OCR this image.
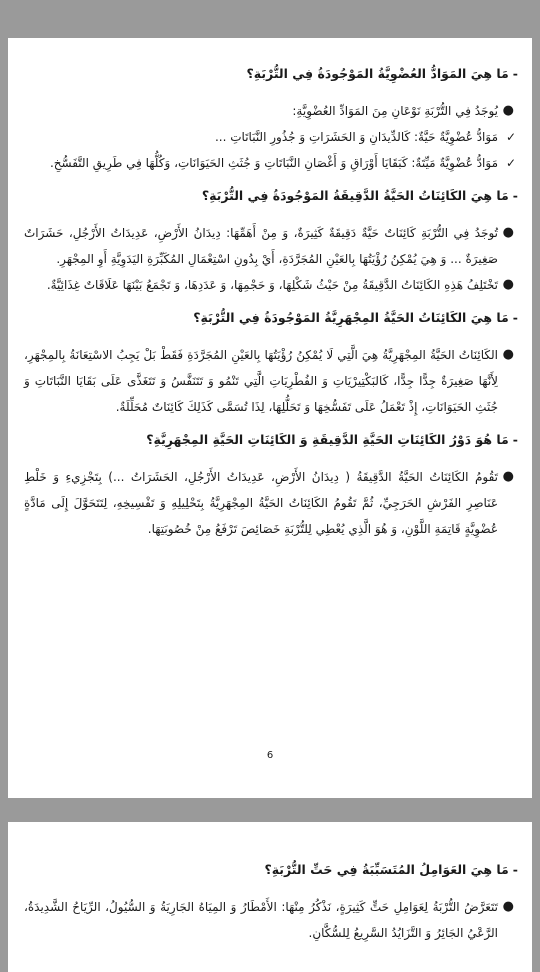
-مَا هِيَ المَوَادُّ العُضْوِيَّةُ المَوْجُودَةُ فِي التُّرْبَةِ؟
●
يُوجَدُ فِي التُّرْبَةِ نَوْعَانِ مِنَ المَوَادِّ العُضْوِيَّةِ:
✓
مَوَادُّ عُضْوِيَّةٌ حَيَّةٌ: كَالدِّيدَانِ وَ الحَشَرَاتِ وَ جُذُورِ النَّبَاتَاتِ ...
✓
مَوَادُّ عُضْوِيَّةٌ مَيِّتَةٌ: كَبَقَايَا أَوْرَاقِ وَ أَغْصَانِ النَّبَاتَاتِ وَ جُثَثِ الحَيَوَانَاتِ، وَكُلُّهَا فِي طَرِيقِ التَّفَسُّخِ.
-مَا هِيَ الكَائِنَاتُ الحَيَّةُ الدَّقِيقَةُ المَوْجُودَةُ فِي التُّرْبَةِ؟
●
تُوجَدُ فِي التُّرْبَةِ كَائِنَاتٌ حَيَّةٌ دَقِيقَةٌ كَثِيرَةٌ، وَ مِنْ أَهَمِّهَا: دِيدَانُ الأَرْضِ، عَدِيدَاتُ الأَرْجُلِ، حَشَرَاتٌ صَغِيرَةٌ ... وَ هِيَ يُمْكِنُ رُؤْيَتُهَا بِالعَيْنِ المُجَرَّدَةِ، أَيْ بِدُونِ اسْتِعْمَالِ المُكَبِّرَةِ اليَدَوِيَّةِ أَوِ المِجْهَرِ.
●
تَخْتَلِفُ هَذِهِ الكَائِنَاتُ الدَّقِيقَةُ مِنْ حَيْثُ شَكْلِهَا، وَ حَجْمِهَا، وَ عَدَدِهَا، وَ تَجْمَعُ بَيْنَهَا عَلَاقَاتٌ غِذَائِيَّةٌ.
-مَا هِيَ الكَائِنَاتُ الحَيَّةُ المِجْهَرِيَّةُ المَوْجُودَةُ فِي التُّرْبَةِ؟
●
الكَائِنَاتُ الحَيَّةُ المِجْهَرِيَّةُ هِيَ الَّتِي لَا يُمْكِنُ رُؤْيَتُهَا بِالعَيْنِ المُجَرَّدَةِ فَقَطْ بَلْ يَجِبُ الاسْتِعَانَةُ بِالمِجْهَرِ، لِأَنَّهَا صَغِيرَةٌ جِدًّا جِدًّا، كَالبَكْتِيرْيَاتِ وَ الفُطْرِيَاتِ الَّتِي تَنْمُو وَ تَتَنَفَّسُ وَ تَتَغَذَّى عَلَى بَقَايَا النَّبَاتَاتِ وَ جُثَثِ الحَيَوَانَاتِ، إِذْ تَعْمَلُ عَلَى تَفَسُّخِهَا وَ تَحَلُّلِهَا، لِذَا تُسَمَّى كَذَلِكَ كَائِنَاتٌ مُحَلِّلَةٌ.
-مَا هُوَ دَوْرُ الكَائِنَاتِ الحَيَّةِ الدَّقِيقَةِ وَ الكَائِنَاتِ الحَيَّةِ المِجْهَرِيَّةِ؟
●
تَقُومُ الكَائِنَاتُ الحَيَّةُ الدَّقِيقَةُ ( دِيدَانُ الأَرْضِ، عَدِيدَاتُ الأَرْجُلِ، الحَشَرَاتُ ...) بِتَجْزِيءِ وَ خَلْطِ عَنَاصِرِ الفَرْشِ الحَرَجِيِّ، ثُمَّ تَقُومُ الكَائِنَاتُ الحَيَّةُ المِجْهَرِيَّةُ بِتَحْلِيلِهِ وَ تَفْسِيخِهِ، لِتَتَحَوَّلَ إِلَى مَادَّةٍ عُضْوِيَّةٍ قَاتِمَةِ اللَّوْنِ، وَ هُوَ الَّذِي يُعْطِي لِلتُّرْبَةِ خَصَائِصَ تَرْفَعُ مِنْ خُصُوبَتِهَا.
6
-مَا هِيَ العَوَامِلُ المُتَسَبِّبَةُ فِي حَتِّ التُّرْبَةِ؟
●
تَتَعَرَّضُ التُّرْبَةُ لِعَوَامِلِ حَتٍّ كَثِيرَةٍ، نَذْكُرُ مِنْهَا: الأَمْطَارُ وَ المِيَاهُ الجَارِيَةُ وَ السُّيُولُ، الرِّيَاحُ الشَّدِيدَةُ، الرَّعْيُ الجَائِرُ وَ التَّزَايُدُ السَّرِيعُ لِلسُّكَّانِ.
